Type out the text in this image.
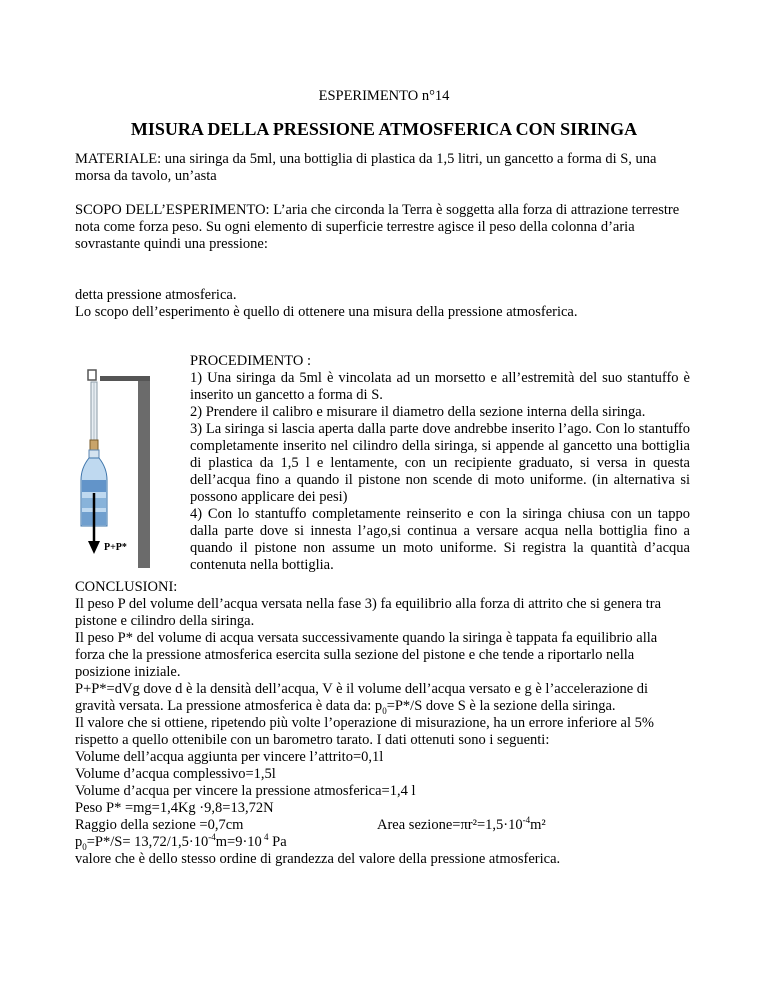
ESPERIMENTO n°14
MISURA DELLA PRESSIONE ATMOSFERICA CON SIRINGA
MATERIALE: una siringa da 5ml, una bottiglia di plastica da 1,5 litri, un gancetto a forma di S, una morsa da tavolo, un’asta
SCOPO DELL’ESPERIMENTO: L’aria che circonda la Terra è soggetta alla forza di attrazione terrestre nota come forza peso. Su ogni elemento di superficie terrestre agisce il peso della colonna d’aria sovrastante quindi una pressione:
detta pressione atmosferica.
Lo scopo dell’esperimento è quello di ottenere una misura della pressione atmosferica.
P+P*
PROCEDIMENTO :
1) Una siringa da 5ml è vincolata ad un morsetto e all’estremità del suo stantuffo è inserito un gancetto a forma di S.
2) Prendere il calibro e misurare il diametro della sezione interna della siringa.
3) La siringa si lascia aperta dalla parte dove andrebbe inserito l’ago. Con lo stantuffo completamente inserito nel cilindro della siringa, si appende al gancetto una bottiglia di plastica da 1,5 l e lentamente, con un recipiente graduato, si versa in questa dell’acqua fino a quando il pistone non scende di moto uniforme. (in alternativa si possono applicare dei pesi)
4) Con lo stantuffo completamente reinserito e con la siringa chiusa con un tappo dalla parte dove si innesta l’ago,si continua a versare acqua nella bottiglia fino a quando il pistone non assume un moto uniforme. Si registra la quantità d’acqua contenuta nella bottiglia.
CONCLUSIONI:
Il peso P del volume dell’acqua versata nella fase 3) fa equilibrio alla forza di attrito che si genera tra pistone e cilindro della siringa.
Il peso P* del volume di acqua versata successivamente quando la siringa è tappata fa equilibrio alla forza che la pressione atmosferica esercita sulla sezione del pistone e che tende a riportarlo nella posizione iniziale.
P+P*=dVg dove d è la densità dell’acqua, V è il volume dell’acqua versato e g è l’accelerazione di gravità versata. La pressione atmosferica è data da: $p_0=P*/S$ dove S è la sezione della siringa.
Il valore che si ottiene, ripetendo più volte l’operazione di misurazione, ha un errore inferiore al 5% rispetto a quello ottenibile con un barometro tarato. I dati ottenuti sono i seguenti:
Volume dell’acqua aggiunta per vincere l’attrito=0,1l
Volume d’acqua complessivo=1,5l
Volume d’acqua per vincere la pressione atmosferica=1,4 l
Peso P* =mg=1,4Kg ·9,8=13,72N
Raggio della sezione =0,7cm	Area $sezione=\pi r^2=1,5\cdot 10^{-4}m^2$
$p_0=P*/S= 13,72/1,5\cdot 10^{-4}m=9\cdot 10$ $^4$ Pa
valore che è dello stesso ordine di grandezza del valore della pressione atmosferica.
